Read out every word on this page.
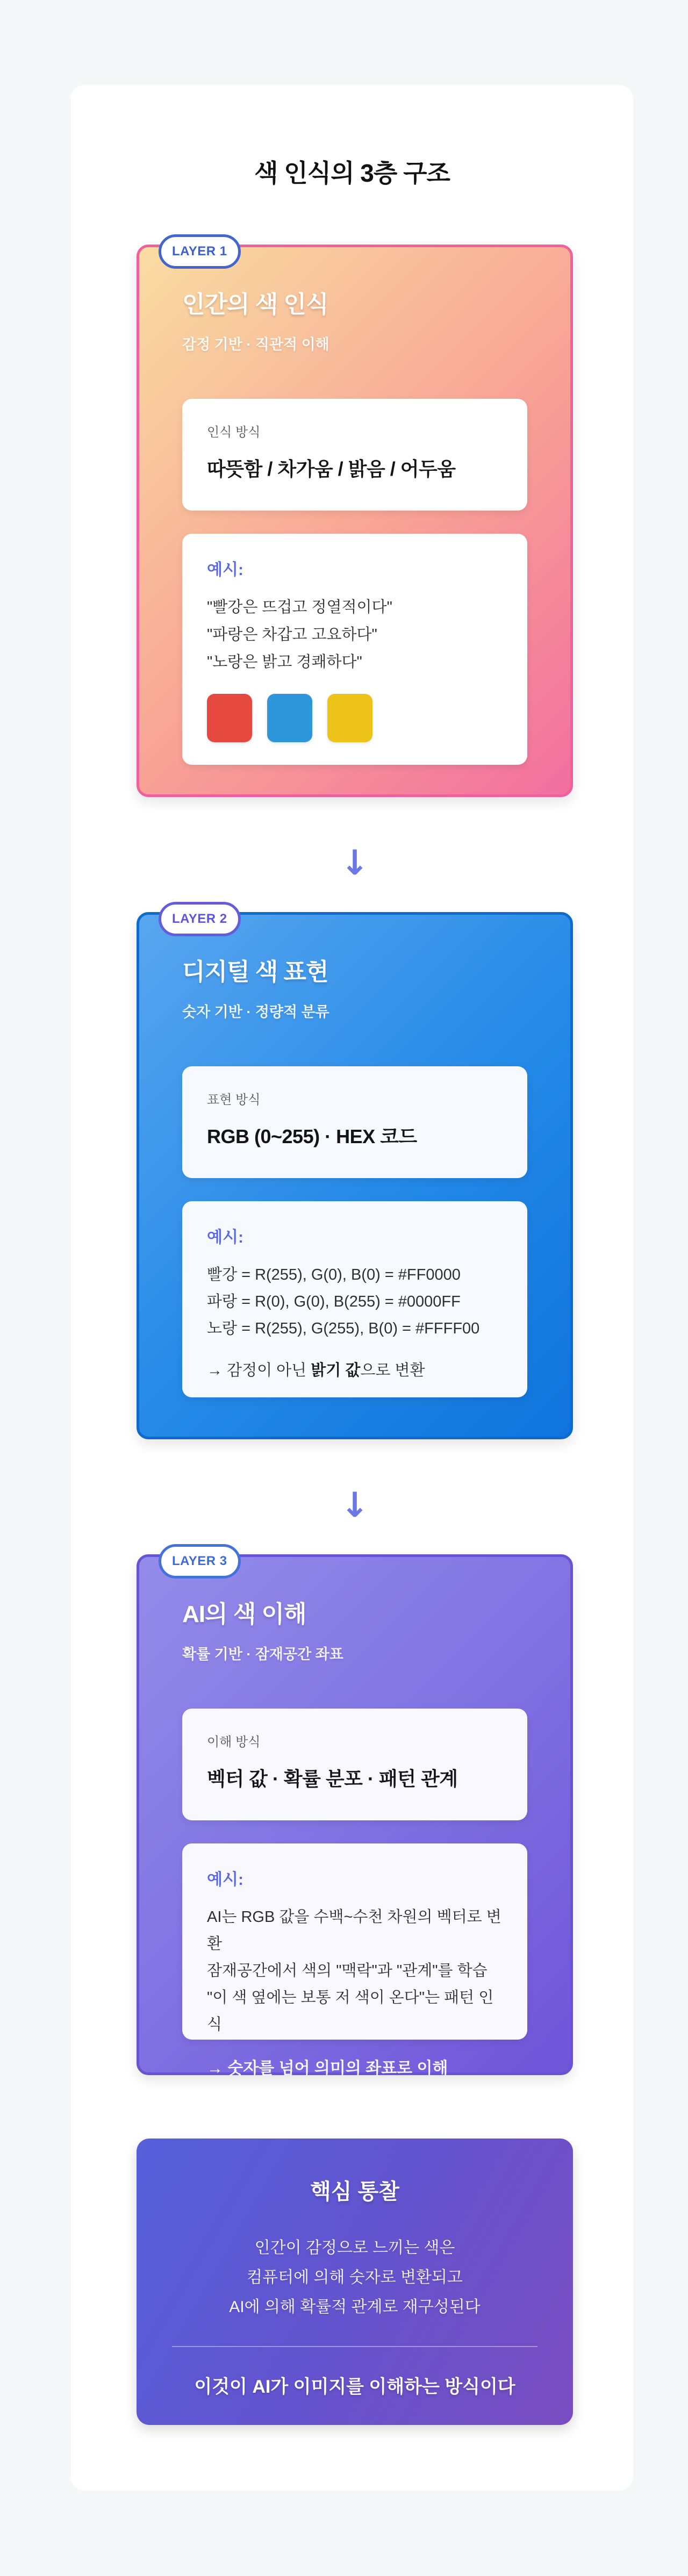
색 인식의 3층 구조
LAYER 1
인간의 색 인식

감정 기반 · 직관적 이해

인식 방식
따뜻함 / 차가움 / 밝음 / 어두움
예시:
"빨강은 뜨겁고 정열적이다"
"파랑은 차갑고 고요하다"
"노랑은 밝고 경쾌하다"
↓
LAYER 2
디지털 색 표현

숫자 기반 · 정량적 분류

표현 방식
RGB (0~255) · HEX 코드
예시:
빨강 = R(255), G(0), B(0) = #FF0000
파랑 = R(0), G(0), B(255) = #0000FF
노랑 = R(255), G(255), B(0) = #FFFF00
→ 감정이 아닌 밝기 값으로 변환
↓
LAYER 3
AI의 색 이해

확률 기반 · 잠재공간 좌표

이해 방식
벡터 값 · 확률 분포 · 패턴 관계
예시:
AI는 RGB 값을 수백~수천 차원의 벡터로 변환
잠재공간에서 색의 "맥락"과 "관계"를 학습
"이 색 옆에는 보통 저 색이 온다"는 패턴 인식
→ 숫자를 넘어 의미의 좌표로 이해
핵심 통찰
인간이 감정으로 느끼는 색은
컴퓨터에 의해 숫자로 변환되고
AI에 의해 확률적 관계로 재구성된다
이것이 AI가 이미지를 이해하는 방식이다
